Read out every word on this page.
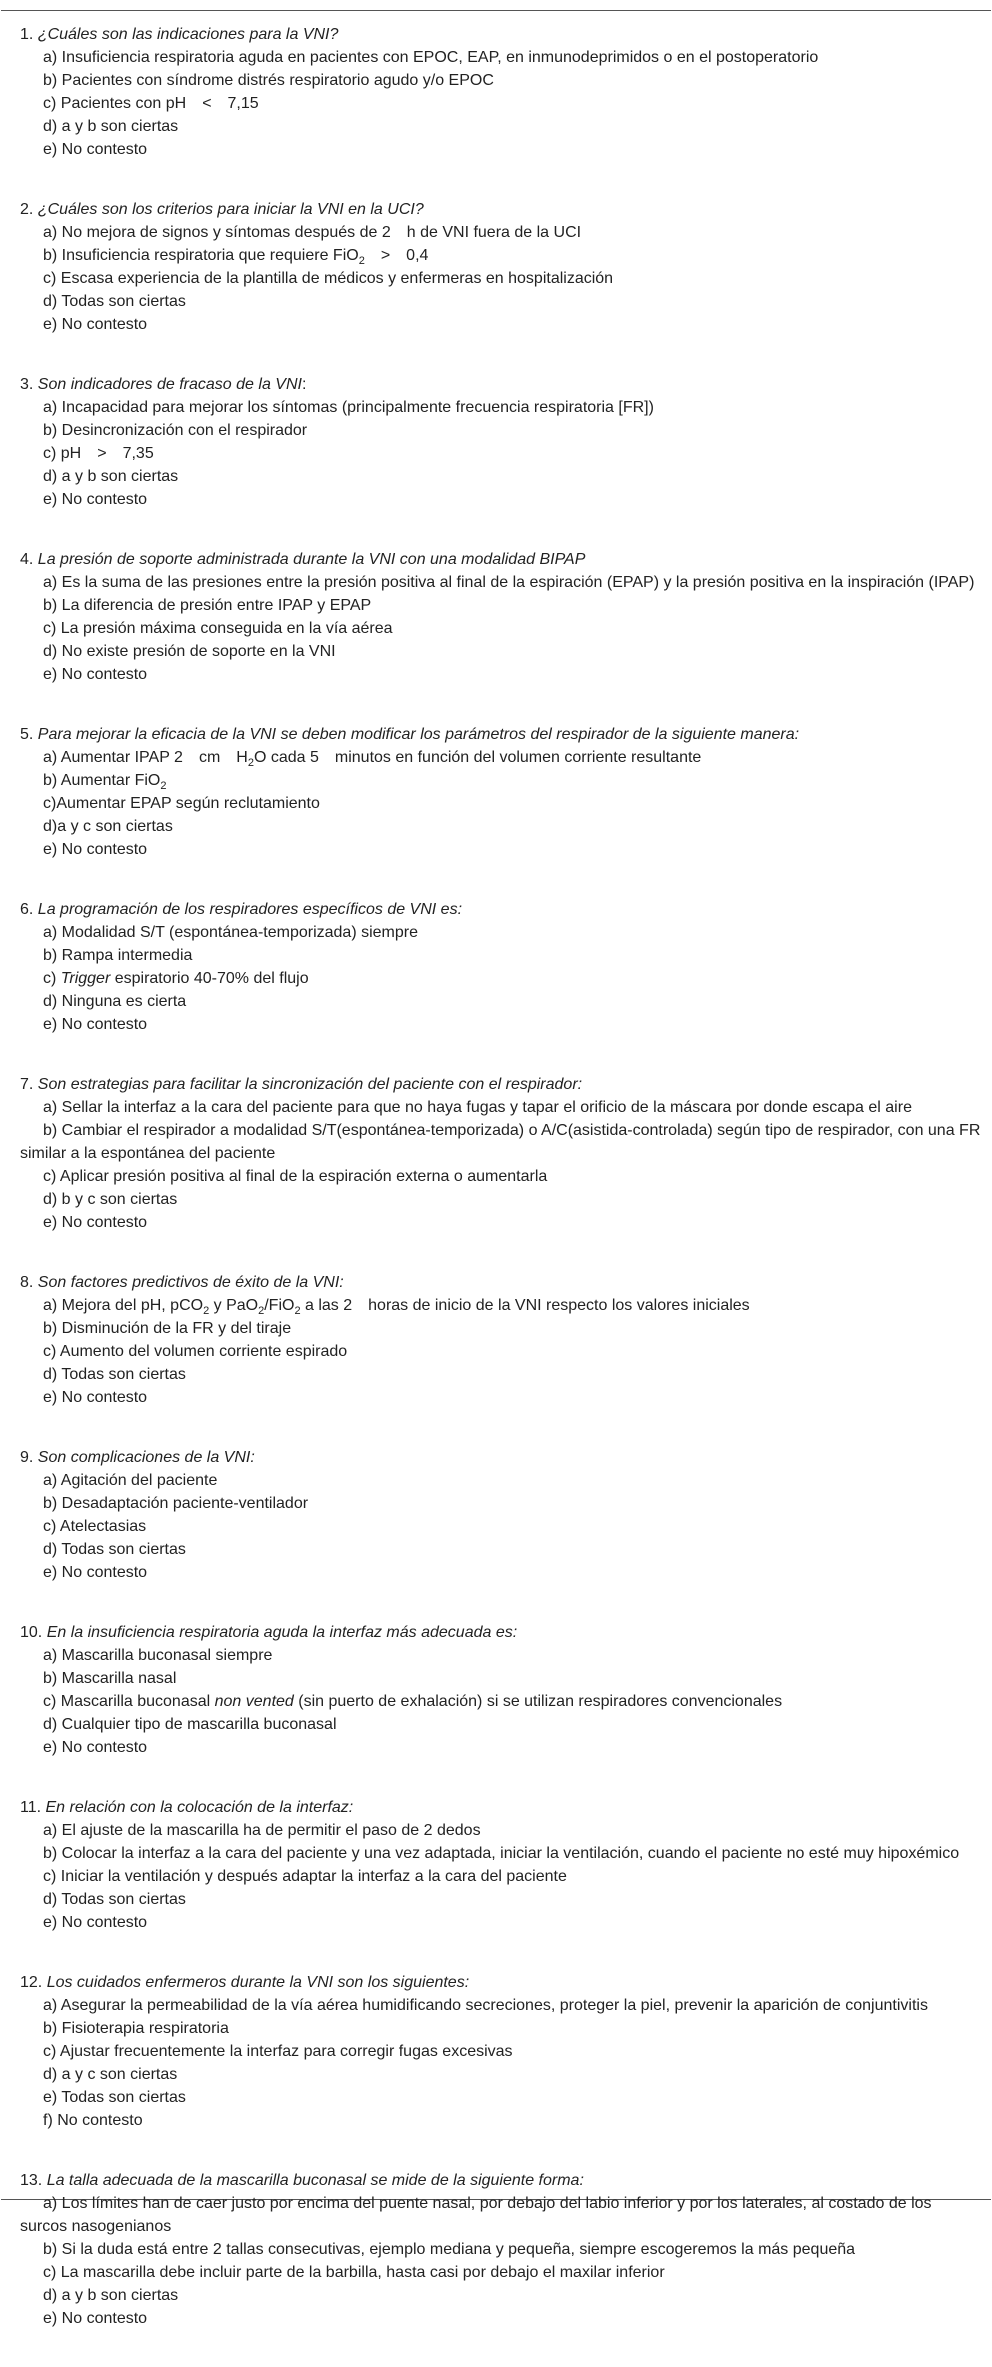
1. ¿Cuáles son las indicaciones para la VNI?
a) Insuficiencia respiratoria aguda en pacientes con EPOC, EAP, en inmunodeprimidos o en el postoperatorio
b) Pacientes con síndrome distrés respiratorio agudo y/o EPOC
c) Pacientes con pH < 7,15
d) a y b son ciertas
e) No contesto
2. ¿Cuáles son los criterios para iniciar la VNI en la UCI?
a) No mejora de signos y síntomas después de 2 h de VNI fuera de la UCI
b) Insuficiencia respiratoria que requiere FiO$_2$ > 0,4
c) Escasa experiencia de la plantilla de médicos y enfermeras en hospitalización
d) Todas son ciertas
e) No contesto
3. Son indicadores de fracaso de la VNI:
a) Incapacidad para mejorar los síntomas (principalmente frecuencia respiratoria [FR])
b) Desincronización con el respirador
c) pH > 7,35
d) a y b son ciertas
e) No contesto
4. La presión de soporte administrada durante la VNI con una modalidad BIPAP
a) Es la suma de las presiones entre la presión positiva al final de la espiración (EPAP) y la presión positiva en la inspiración (IPAP)
b) La diferencia de presión entre IPAP y EPAP
c) La presión máxima conseguida en la vía aérea
d) No existe presión de soporte en la VNI
e) No contesto
5. Para mejorar la eficacia de la VNI se deben modificar los parámetros del respirador de la siguiente manera:
a) Aumentar IPAP 2 cm $H_2O$ cada 5 minutos en función del volumen corriente resultante
b) Aumentar FiO$_2$
c)Aumentar EPAP según reclutamiento
d)a y c son ciertas
e) No contesto
6. La programación de los respiradores específicos de VNI es:
a) Modalidad S/T (espontánea-temporizada) siempre
b) Rampa intermedia
c) Trigger espiratorio 40-70% del flujo
d) Ninguna es cierta
e) No contesto
7. Son estrategias para facilitar la sincronización del paciente con el respirador:
a) Sellar la interfaz a la cara del paciente para que no haya fugas y tapar el orificio de la máscara por donde escapa el aire
b) Cambiar el respirador a modalidad S/T(espontánea-temporizada) o A/C(asistida-controlada) según tipo de respirador, con una FR similar a la espontánea del paciente
c) Aplicar presión positiva al final de la espiración externa o aumentarla
d) b y c son ciertas
e) No contesto
8. Son factores predictivos de éxito de la VNI:
a) Mejora del pH, pCO$_2$ y PaO$_2$/FiO$_2$ a las 2 horas de inicio de la VNI respecto los valores iniciales
b) Disminución de la FR y del tiraje
c) Aumento del volumen corriente espirado
d) Todas son ciertas
e) No contesto
9. Son complicaciones de la VNI:
a) Agitación del paciente
b) Desadaptación paciente-ventilador
c) Atelectasias
d) Todas son ciertas
e) No contesto
10. En la insuficiencia respiratoria aguda la interfaz más adecuada es:
a) Mascarilla buconasal siempre
b) Mascarilla nasal
c) Mascarilla buconasal non vented (sin puerto de exhalación) si se utilizan respiradores convencionales
d) Cualquier tipo de mascarilla buconasal
e) No contesto
11. En relación con la colocación de la interfaz:
a) El ajuste de la mascarilla ha de permitir el paso de 2 dedos
b) Colocar la interfaz a la cara del paciente y una vez adaptada, iniciar la ventilación, cuando el paciente no esté muy hipoxémico
c) Iniciar la ventilación y después adaptar la interfaz a la cara del paciente
d) Todas son ciertas
e) No contesto
12. Los cuidados enfermeros durante la VNI son los siguientes:
a) Asegurar la permeabilidad de la vía aérea humidificando secreciones, proteger la piel, prevenir la aparición de conjuntivitis
b) Fisioterapia respiratoria
c) Ajustar frecuentemente la interfaz para corregir fugas excesivas
d) a y c son ciertas
e) Todas son ciertas
f) No contesto
13. La talla adecuada de la mascarilla buconasal se mide de la siguiente forma:
a) Los límites han de caer justo por encima del puente nasal, por debajo del labio inferior y por los laterales, al costado de los surcos nasogenianos
b) Si la duda está entre 2 tallas consecutivas, ejemplo mediana y pequeña, siempre escogeremos la más pequeña
c) La mascarilla debe incluir parte de la barbilla, hasta casi por debajo el maxilar inferior
d) a y b son ciertas
e) No contesto
